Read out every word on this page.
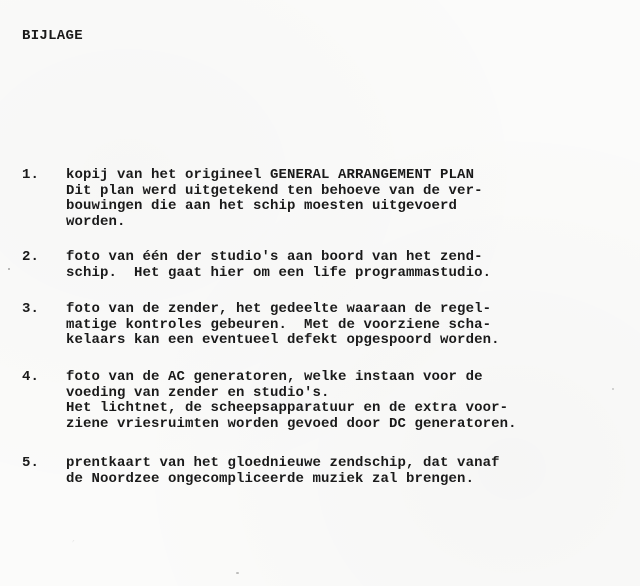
BIJLAGE
1.	kopij van het origineel GENERAL ARRANGEMENT PLAN
Dit plan werd uitgetekend ten behoeve van de ver-
bouwingen die aan het schip moesten uitgevoerd
worden.
2.	foto van één der studio's aan boord van het zend-
schip.  Het gaat hier om een life programmastudio.
3.	foto van de zender, het gedeelte waaraan de regel-
matige kontroles gebeuren.  Met de voorziene scha-
kelaars kan een eventueel defekt opgespoord worden.
4.	foto van de AC generatoren, welke instaan voor de
voeding van zender en studio's.
Het lichtnet, de scheepsapparatuur en de extra voor-
ziene vriesruimten worden gevoed door DC generatoren.
5.	prentkaart van het gloednieuwe zendschip, dat vanaf
de Noordzee ongecompliceerde muziek zal brengen.
′
